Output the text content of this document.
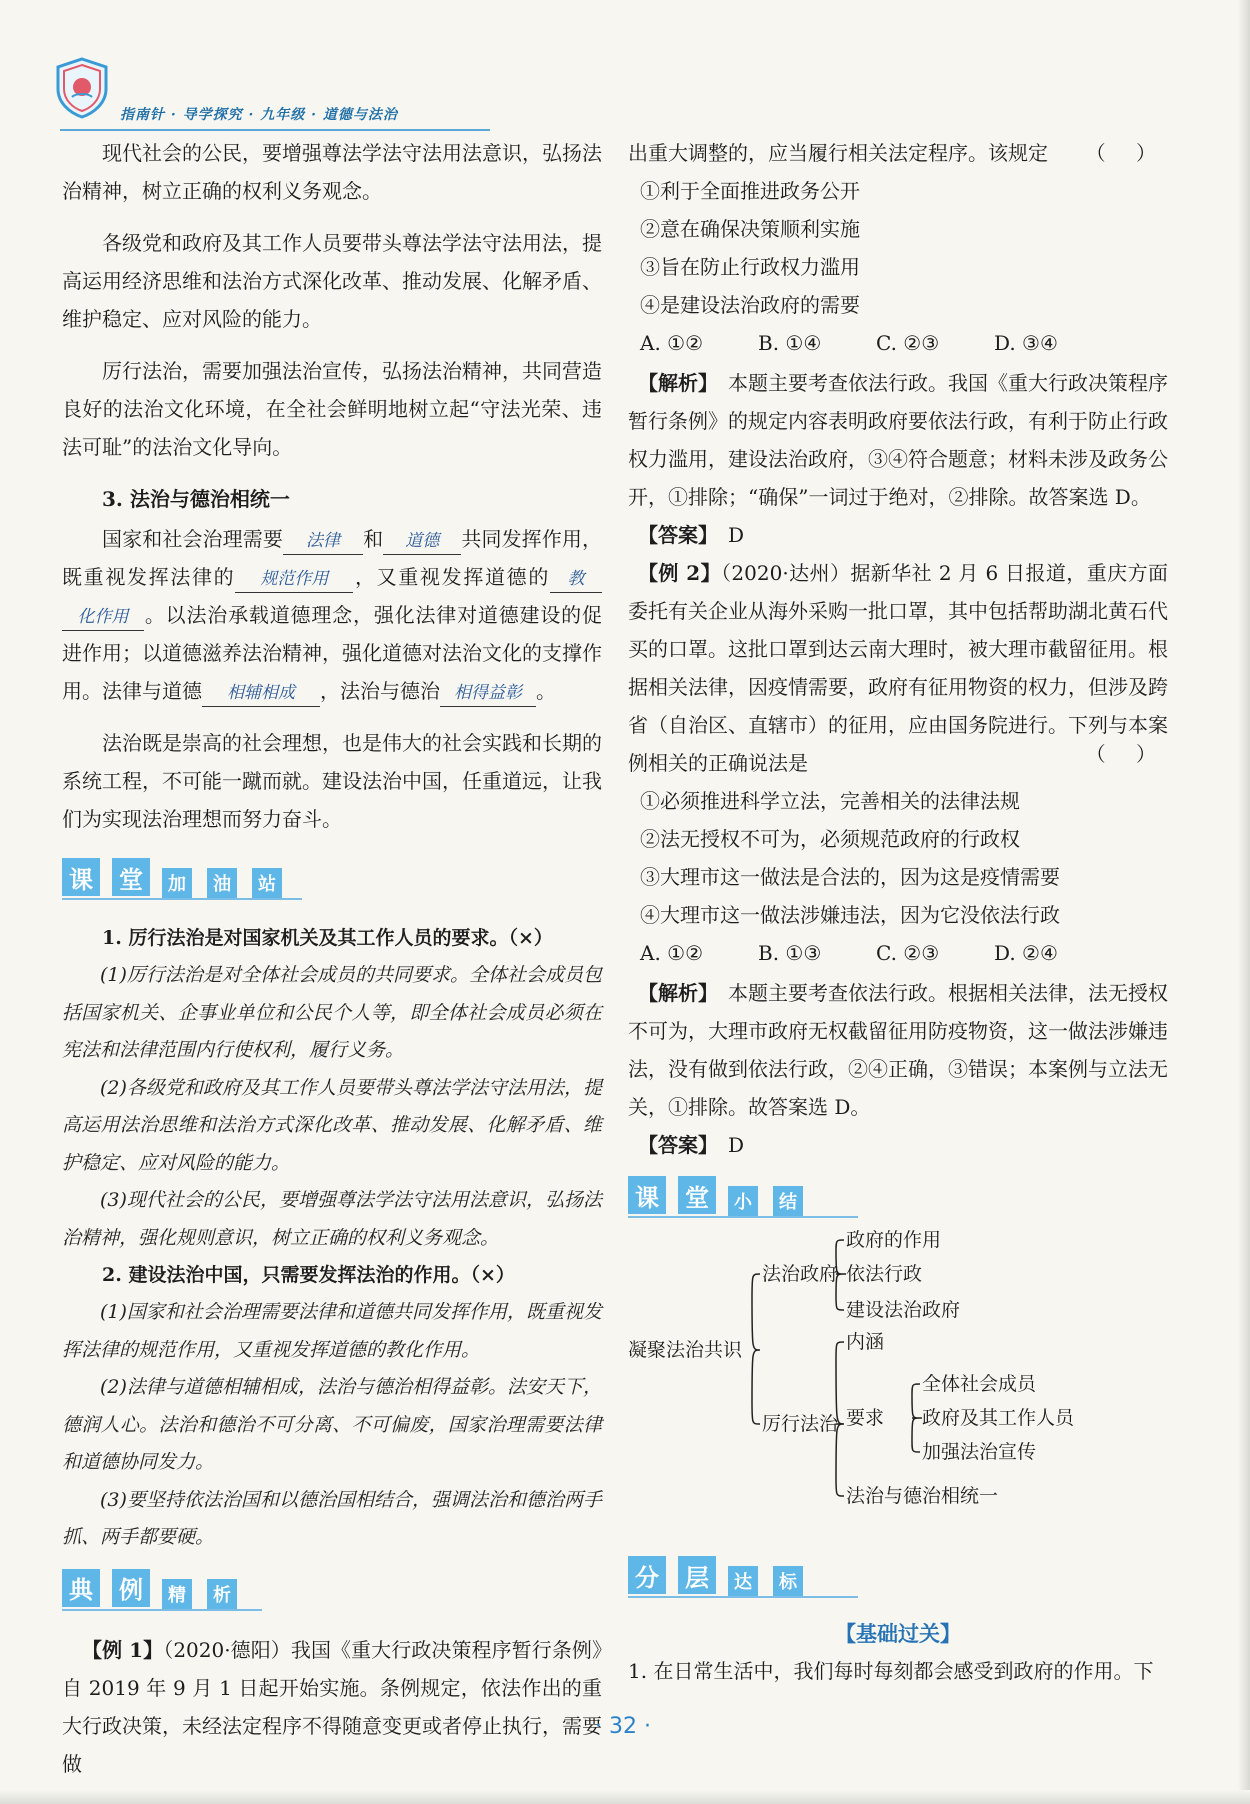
指南针 · 导学探究 · 九年级 · 道德与法治

现代社会的公民，要增强尊法学法守法用法意识，弘扬法治精神，树立正确的权利义务观念。

各级党和政府及其工作人员要带头尊法学法守法用法，提高运用经济思维和法治方式深化改革、推动发展、化解矛盾、维护稳定、应对风险的能力。

厉行法治，需要加强法治宣传，弘扬法治精神，共同营造良好的法治文化环境，在全社会鲜明地树立起“守法光荣、违法可耻”的法治文化导向。

3. 法治与德治相统一

国家和社会治理需要 法律 和 道德 共同发挥作用，既重视发挥法律的 规范作用 ，又重视发挥道德的 教化作用 。以法治承载道德理念，强化法律对道德建设的促进作用；以道德滋养法治精神，强化道德对法治文化的支撑作用。法律与道德 相辅相成 ，法治与德治 相得益彰 。

法治既是崇高的社会理想，也是伟大的社会实践和长期的系统工程，不可能一蹴而就。建设法治中国，任重道远，让我们为实现法治理想而努力奋斗。

课 堂	加	油	站

1. 厉行法治是对国家机关及其工作人员的要求。（×）

(1)厉行法治是对全体社会成员的共同要求。全体社会成员包括国家机关、企事业单位和公民个人等，即全体社会成员必须在宪法和法律范围内行使权利，履行义务。

(2)各级党和政府及其工作人员要带头尊法学法守法用法，提高运用法治思维和法治方式深化改革、推动发展、化解矛盾、维护稳定、应对风险的能力。

(3)现代社会的公民，要增强尊法学法守法用法意识，弘扬法治精神，强化规则意识，树立正确的权利义务观念。

2. 建设法治中国，只需要发挥法治的作用。（×）

(1)国家和社会治理需要法律和道德共同发挥作用，既重视发挥法律的规范作用，又重视发挥道德的教化作用。

(2)法律与道德相辅相成，法治与德治相得益彰。法安天下，德润人心。法治和德治不可分离、不可偏废，国家治理需要法律和道德协同发力。

(3)要坚持依法治国和以德治国相结合，强调法治和德治两手抓、两手都要硬。

典 例	精	析

【例 1】（2020·德阳）我国《重大行政决策程序暂行条例》自 2019 年 9 月 1 日起开始实施。条例规定，依法作出的重大行政决策，未经法定程序不得随意变更或者停止执行，需要做

出重大调整的，应当履行相关法定程序。该规定 （ ）

①利于全面推进政务公开
②意在确保决策顺利实施
③旨在防止行政权力滥用
④是建设法治政府的需要
A. ①②	B. ①④	C. ②③	D. ③④

【解析】　 本题主要考查依法行政。我国《重大行政决策程序暂行条例》的规定内容表明政府要依法行政，有利于防止行政权力滥用，建设法治政府，③④符合题意；材料未涉及政务公开，①排除；“确保”一词过于绝对，②排除。故答案选 D。

【答案】　 D

【例 2】（2020·达州）据新华社 2 月 6 日报道，重庆方面委托有关企业从海外采购一批口罩，其中包括帮助湖北黄石代买的口罩。这批口罩到达云南大理时，被大理市截留征用。根据相关法律，因疫情需要，政府有征用物资的权力，但涉及跨省（自治区、直辖市）的征用，应由国务院进行。下列与本案例相关的正确说法是	（ ）
①必须推进科学立法，完善相关的法律法规
②法无授权不可为，必须规范政府的行政权
③大理市这一做法是合法的，因为这是疫情需要
④大理市这一做法涉嫌违法，因为它没依法行政
A. ①②	B. ①③	C. ②③	D. ②④

【解析】　 本题主要考查依法行政。根据相关法律，法无授权不可为，大理市政府无权截留征用防疫物资，这一做法涉嫌违法，没有做到依法行政，②④正确，③错误；本案例与立法无关，①排除。故答案选 D。

【答案】　 D

课 堂	小	结
凝聚法治共识
法治政府
政府的作用
依法行政
建设法治政府
厉行法治
内涵
要求
全体社会成员
政府及其工作人员
加强法治宣传
法治与德治相统一
分 层	达	标
【基础过关】

1. 在日常生活中，我们每时每刻都会感受到政府的作用。下

· 32 ·
